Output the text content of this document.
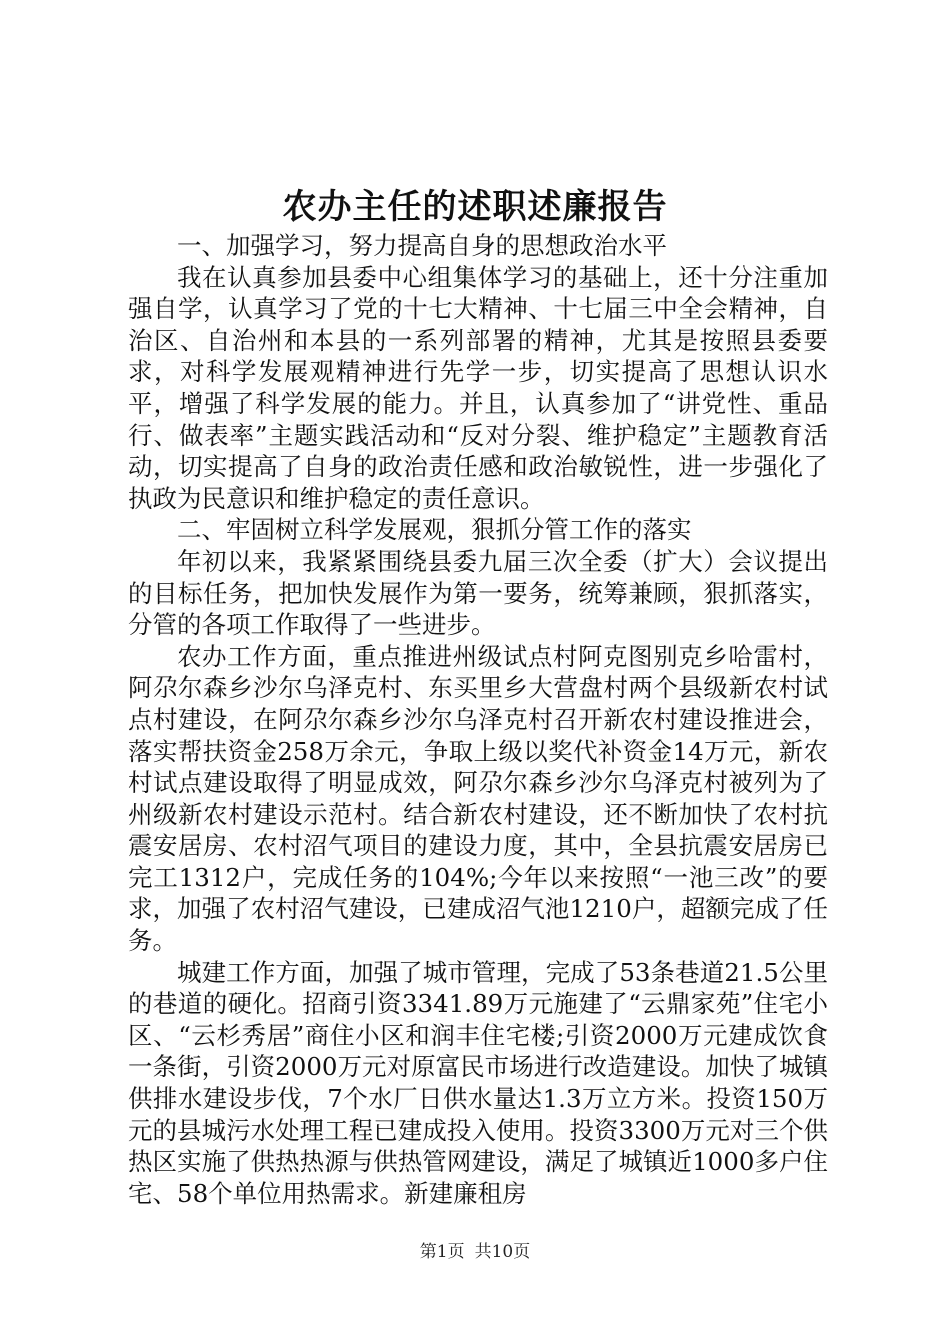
农办主任的述职述廉报告

一、加强学习，努力提高自身的思想政治水平

我在认真参加县委中心组集体学习的基础上，还十分注重加强自学，认真学习了党的十七大精神、十七届三中全会精神，自治区、自治州和本县的一系列部署的精神，尤其是按照县委要求，对科学发展观精神进行先学一步，切实提高了思想认识水平，增强了科学发展的能力。并且，认真参加了“讲党性、重品行、做表率”主题实践活动和“反对分裂、维护稳定”主题教育活动，切实提高了自身的政治责任感和政治敏锐性，进一步强化了执政为民意识和维护稳定的责任意识。

二、牢固树立科学发展观，狠抓分管工作的落实

年初以来，我紧紧围绕县委九届三次全委（扩大）会议提出的目标任务，把加快发展作为第一要务，统筹兼顾，狠抓落实，分管的各项工作取得了一些进步。

农办工作方面，重点推进州级试点村阿克图别克乡哈雷村，阿尕尔森乡沙尔乌泽克村、东买里乡大营盘村两个县级新农村试点村建设，在阿尕尔森乡沙尔乌泽克村召开新农村建设推进会，落实帮扶资金258万余元，争取上级以奖代补资金14万元，新农村试点建设取得了明显成效，阿尕尔森乡沙尔乌泽克村被列为了州级新农村建设示范村。结合新农村建设，还不断加快了农村抗震安居房、农村沼气项目的建设力度，其中，全县抗震安居房已完工1312户，完成任务的104%;今年以来按照“一池三改”的要求，加强了农村沼气建设，已建成沼气池1210户，超额完成了任务。

城建工作方面，加强了城市管理，完成了53条巷道21.5公里的巷道的硬化。招商引资3341.89万元施建了“云鼎家苑”住宅小区、“云杉秀居”商住小区和润丰住宅楼;引资2000万元建成饮食一条街，引资2000万元对原富民市场进行改造建设。加快了城镇供排水建设步伐，7个水厂日供水量达1.3万立方米。投资150万元的县城污水处理工程已建成投入使用。投资3300万元对三个供热区实施了供热热源与供热管网建设，满足了城镇近1000多户住宅、58个单位用热需求。新建廉租房

第1页 共10页
